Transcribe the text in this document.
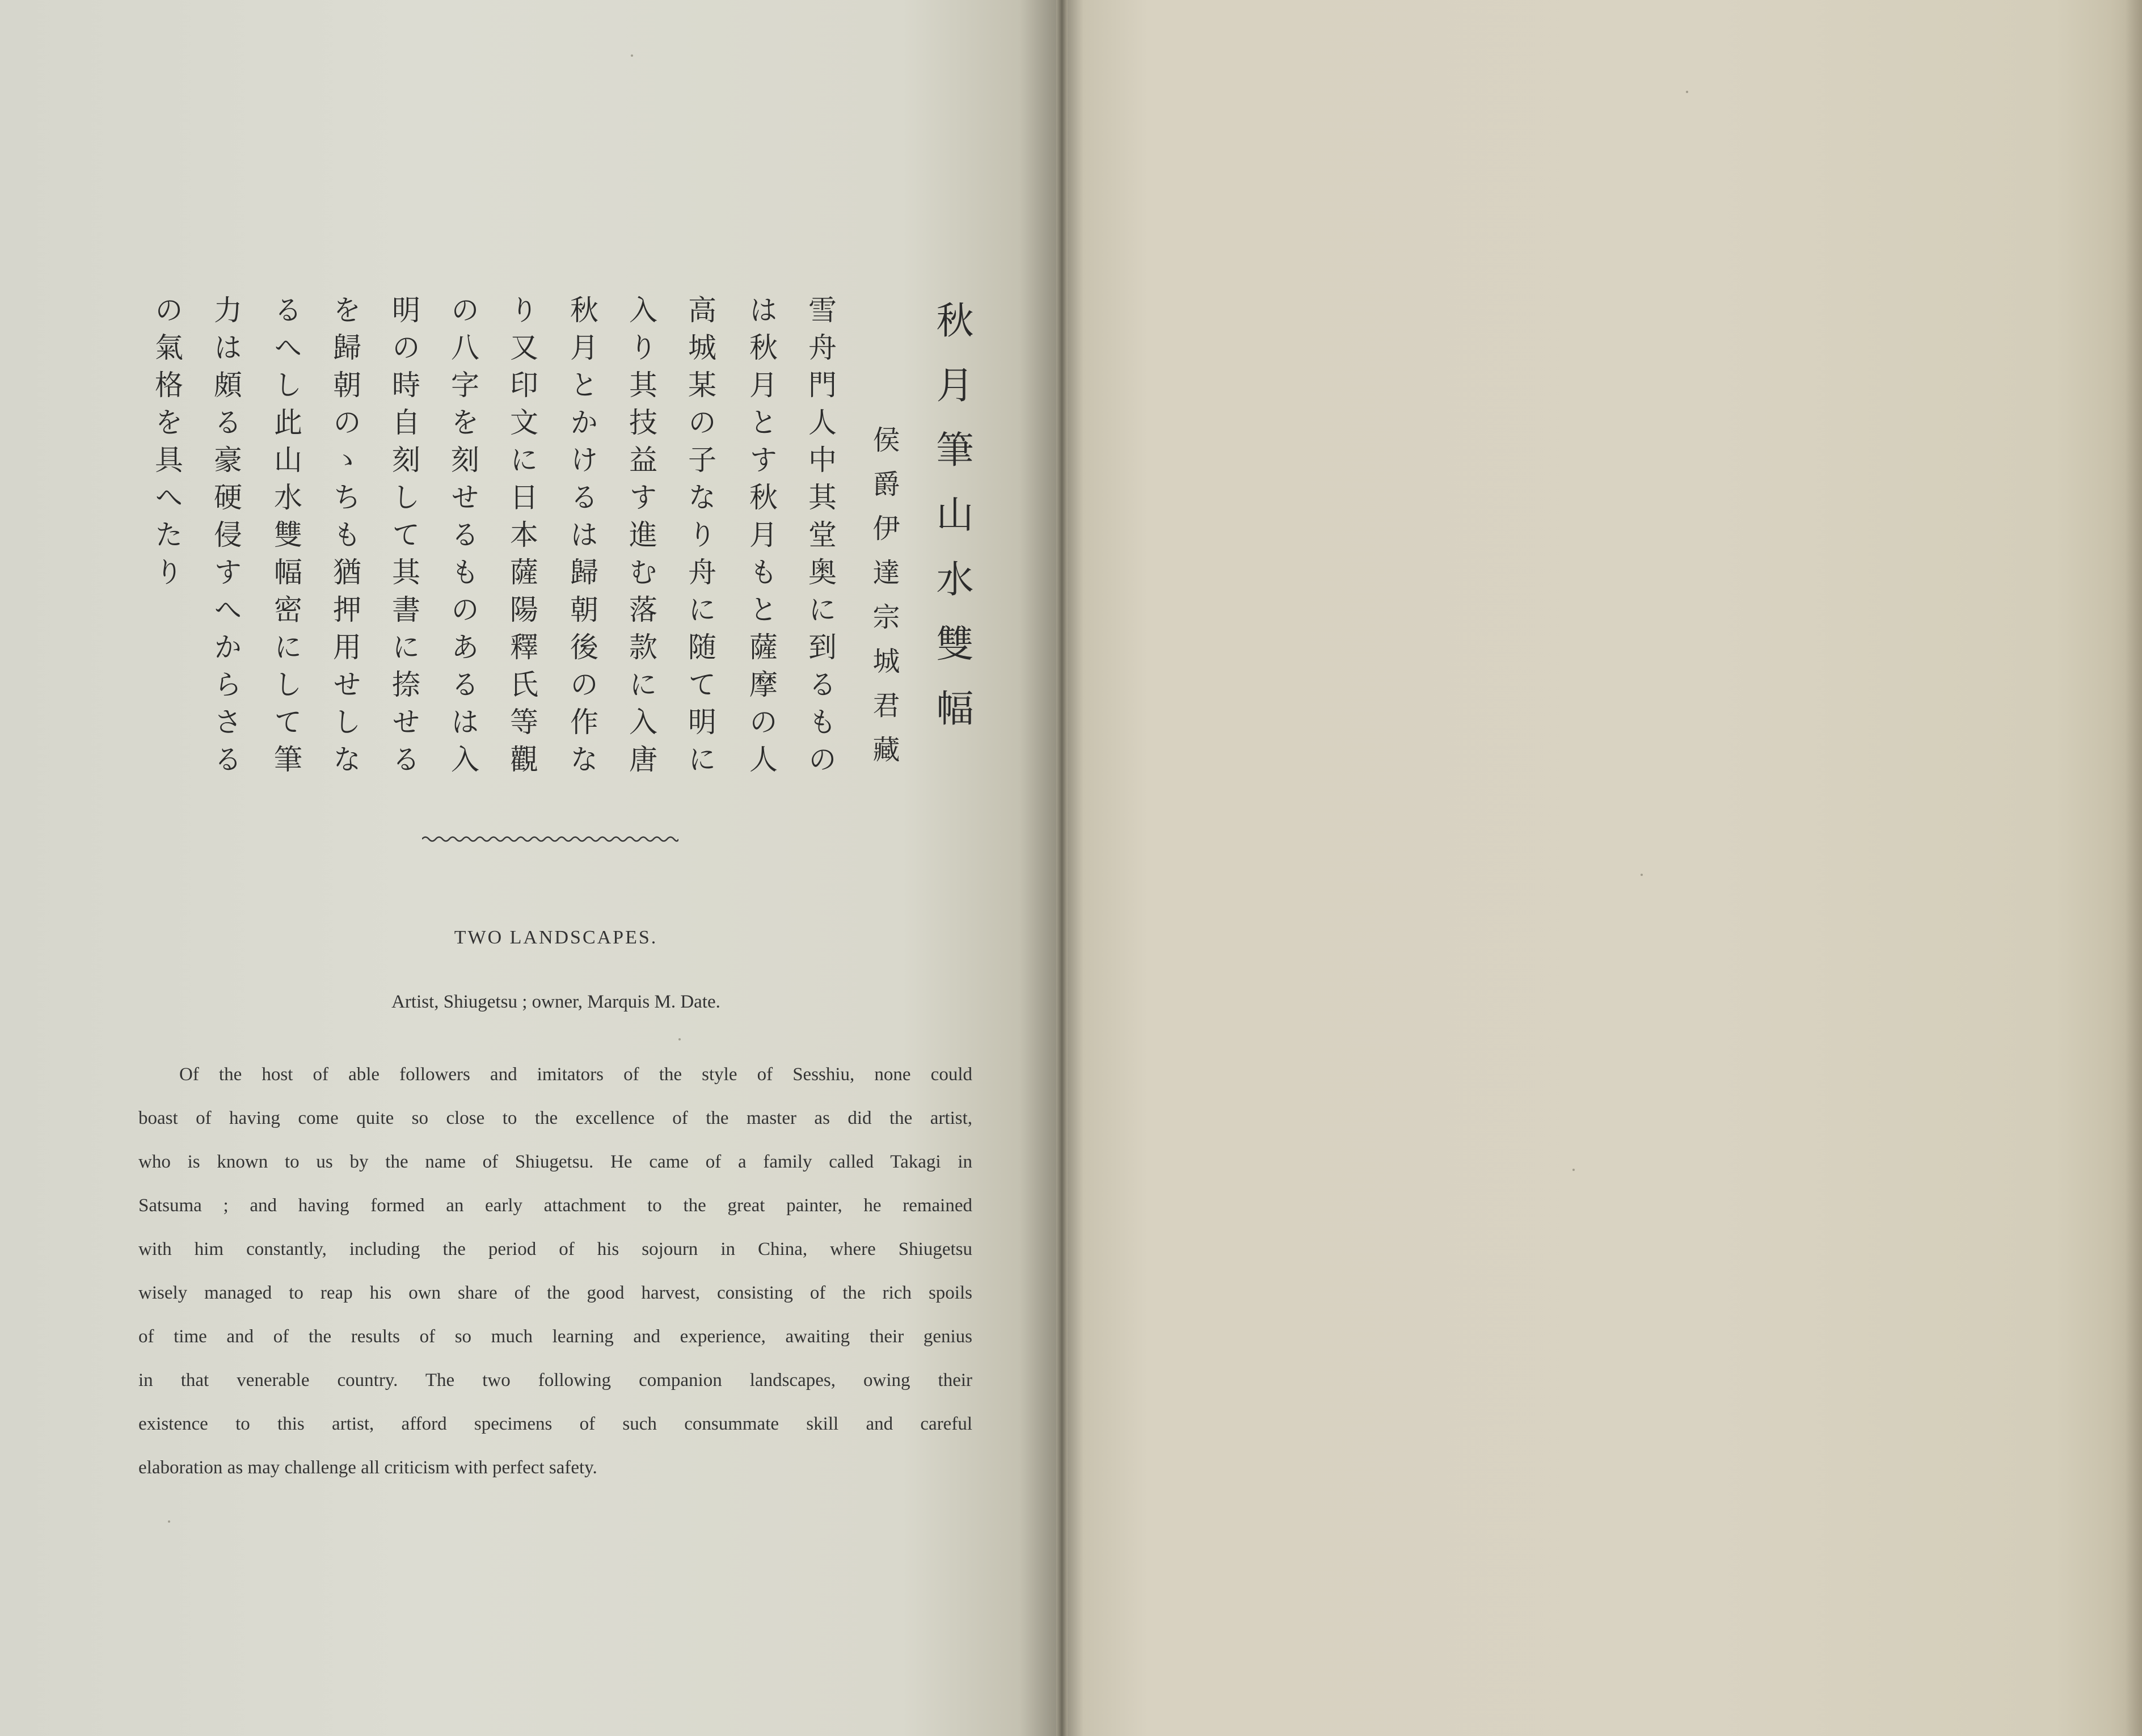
秋月筆山水雙幅

侯爵伊達宗城君藏

雪舟門人中其堂奥に到るもの

は秋月とす秋月もと薩摩の人

高城某の子なり舟に随て明に

入り其技益す進む落款に入唐

秋月とかけるは歸朝後の作な

り又印文に日本薩陽釋氏等觀

の八字を刻せるものあるは入

明の時自刻して其書に捺せる

を歸朝のゝちも猶押用せしな

るへし此山水雙幅密にして筆

力は頗る豪硬侵すへからさる

の氣格を具へたり

TWO LANDSCAPES.

Artist, Shiugetsu ; owner, Marquis M. Date.

Of the host of able followers and imitators of the style of Sesshiu, none could
boast of having come quite so close to the excellence of the master as did the artist,
who is known to us by the name of Shiugetsu. He came of a family called Takagi in
Satsuma ; and having formed an early attachment to the great painter, he remained
with him constantly, including the period of his sojourn in China, where Shiugetsu
wisely managed to reap his own share of the good harvest, consisting of the rich spoils
of time and of the results of so much learning and experience, awaiting their genius
in that venerable country. The two following companion landscapes, owing their
existence to this artist, afford specimens of such consummate skill and careful
elaboration as may challenge all criticism with perfect safety.
